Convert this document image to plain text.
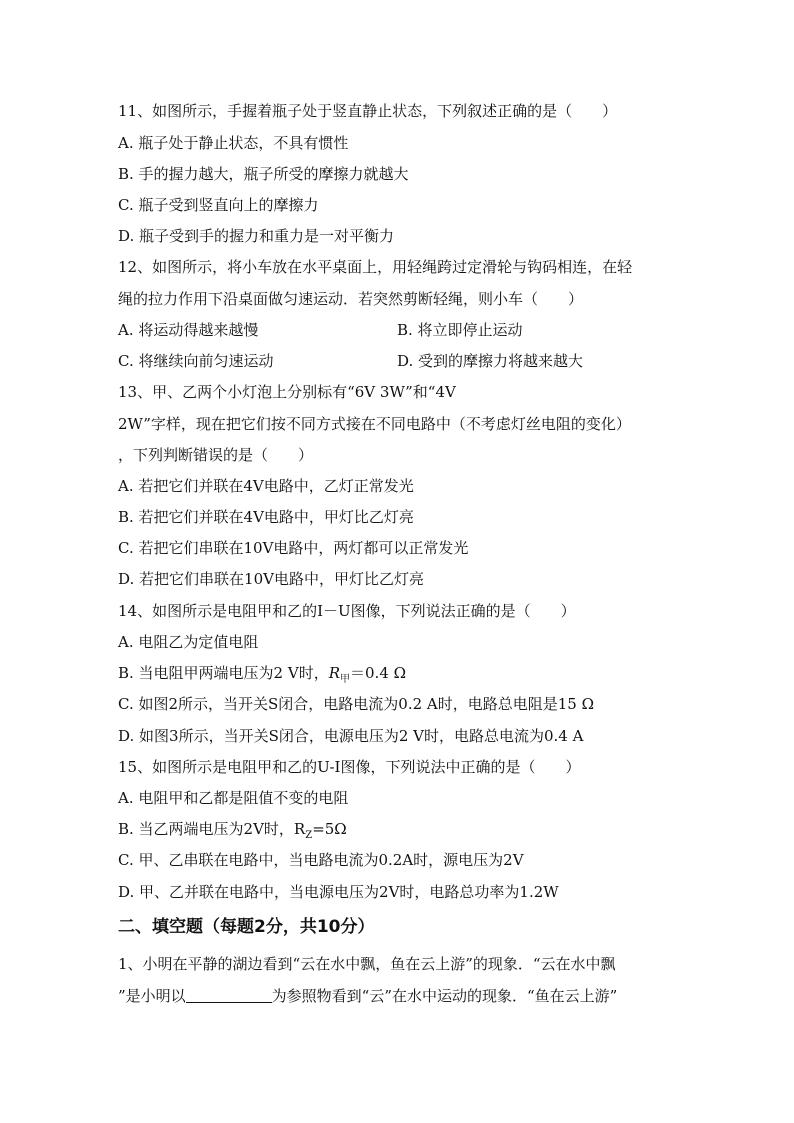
11、如图所示，手握着瓶子处于竖直静止状态，下列叙述正确的是（　　）
A. 瓶子处于静止状态，不具有惯性
B. 手的握力越大，瓶子所受的摩擦力就越大
C. 瓶子受到竖直向上的摩擦力
D. 瓶子受到手的握力和重力是一对平衡力
12、如图所示，将小车放在水平桌面上，用轻绳跨过定滑轮与钩码相连，在轻
绳的拉力作用下沿桌面做匀速运动．若突然剪断轻绳，则小车（　　）
A. 将运动得越来越慢	B. 将立即停止运动
C. 将继续向前匀速运动	D. 受到的摩擦力将越来越大
13、甲、乙两个小灯泡上分别标有“6V 3W”和“4V
2W”字样，现在把它们按不同方式接在不同电路中（不考虑灯丝电阻的变化）
，下列判断错误的是（　　）
A. 若把它们并联在4V电路中，乙灯正常发光
B. 若把它们并联在4V电路中，甲灯比乙灯亮
C. 若把它们串联在10V电路中，两灯都可以正常发光
D. 若把它们串联在10V电路中，甲灯比乙灯亮
14、如图所示是电阻甲和乙的I－U图像，下列说法正确的是（　　）
A. 电阻乙为定值电阻
B. 当电阻甲两端电压为2 V时，$R_甲=0.4$ Ω
C. 如图2所示，当开关S闭合，电路电流为0.2 A时，电路总电阻是15 Ω
D. 如图3所示，当开关S闭合，电源电压为2 V时，电路总电流为0.4 A
15、如图所示是电阻甲和乙的U-I图像，下列说法中正确的是（　　）
A. 电阻甲和乙都是阻值不变的电阻
B. 当乙两端电压为2V时，$R_Z=5\Omega$
C. 甲、乙串联在电路中，当电路电流为0.2A时，源电压为2V
D. 甲、乙并联在电路中，当电源电压为2V时，电路总功率为1.2W
二、填空题（每题2分，共10分）
1、小明在平静的湖边看到“云在水中飘，鱼在云上游”的现象．“云在水中飘
”是小明以	为参照物看到“云”在水中运动的现象．“鱼在云上游”
